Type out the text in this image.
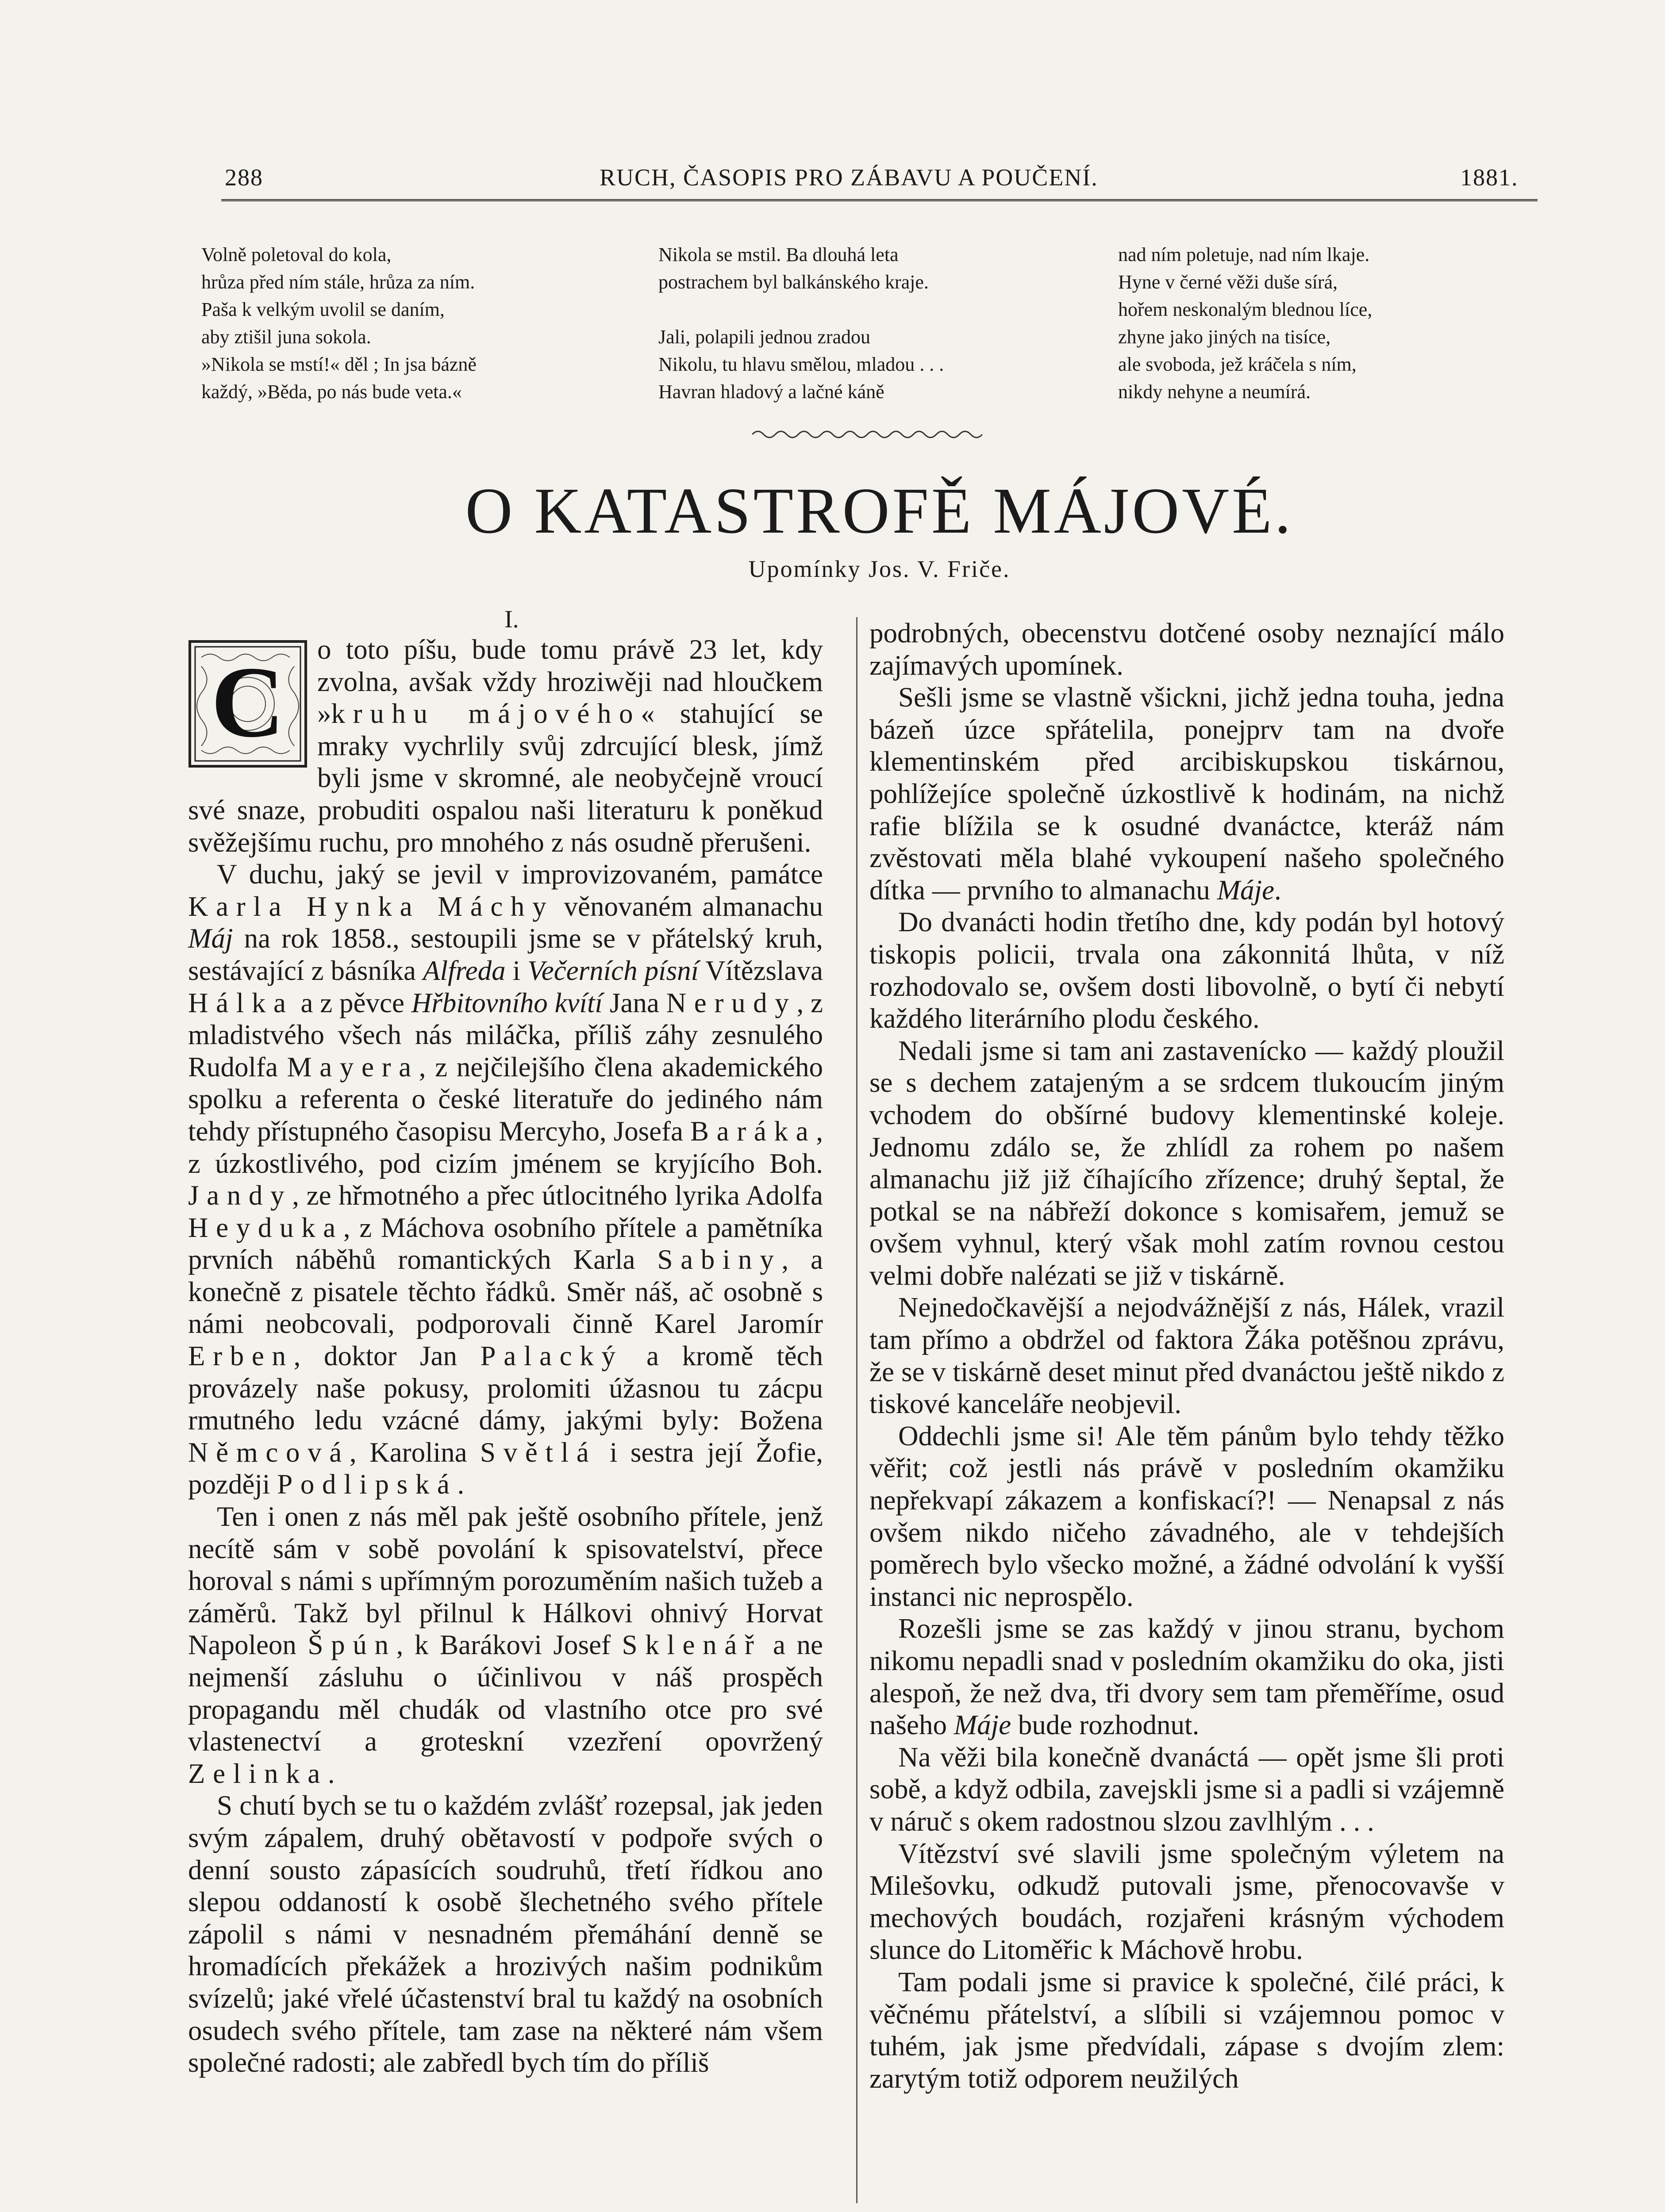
288	RUCH, ČASOPIS PRO ZÁBAVU A POUČENÍ.	1881.
Volně poletoval do kola,
hrůza před ním stále, hrůza za ním.
Paša k velkým uvolil se daním,
aby ztišil juna sokola.
»Nikola se mstí!« děl ; In jsa bázně
každý, »Běda, po nás bude veta.«
Nikola se mstil. Ba dlouhá leta
postrachem byl balkánského kraje.
Jali, polapili jednou zradou
Nikolu, tu hlavu smělou, mladou . . .
Havran hladový a lačné káně
nad ním poletuje, nad ním lkaje.
Hyne v černé věži duše sírá,
hořem neskonalým blednou líce,
zhyne jako jiných na tisíce,
ale svoboda, jež kráčela s ním,
nikdy nehyne a neumírá.
O KATASTROFĚ MÁJOVÉ.
Upomínky Jos. V. Friče.
I.

C o toto píšu, bude tomu právě 23 let, kdy zvolna, avšak vždy hroziwěji nad hloučkem »kruhu májového« stahující se mraky vychrlily svůj zdrcující blesk, jímž byli jsme v skromné, ale neobyčejně vroucí své snaze, probuditi ospalou naši literaturu k poněkud svěžejšímu ruchu, pro mnohého z nás osudně přerušeni.

V duchu, jaký se jevil v improvizovaném, památce Karla Hynka Máchy věnovaném almanachu Máj na rok 1858., sestoupili jsme se v přátelský kruh, sestávající z básníka Alfreda i Večerních písní Vítězslava Hálka a z pěvce Hřbitovního kvítí Jana Nerudy, z mladistvého všech nás miláčka, příliš záhy zesnulého Rudolfa Mayera, z nejčilejšího člena akademického spolku a referenta o české literatuře do jediného nám tehdy přístupného časopisu Mercyho, Josefa Baráka, z úzkostlivého, pod cizím jménem se kryjícího Boh. Jandy, ze hřmotného a přec útlocitného lyrika Adolfa Heyduka, z Máchova osobního přítele a pamětníka prvních náběhů romantických Karla Sabiny, a konečně z pisatele těchto řádků. Směr náš, ač osobně s námi neobcovali, podporovali činně Karel Jaromír Erben, doktor Jan Palacký a kromě těch provázely naše pokusy, prolomiti úžasnou tu zácpu rmutného ledu vzácné dámy, jakými byly: Božena Němcová, Karolina Světlá i sestra její Žofie, později Podlipská.

Ten i onen z nás měl pak ještě osobního přítele, jenž necítě sám v sobě povolání k spisovatelství, přece horoval s námi s upřímným porozuměním našich tužeb a záměrů. Takž byl přilnul k Hálkovi ohnivý Horvat Napoleon Špún, k Barákovi Josef Sklenář a ne nejmenší zásluhu o účinlivou v náš prospěch propagandu měl chudák od vlastního otce pro své vlastenectví a groteskní vzezření opovržený Zelinka.

S chutí bych se tu o každém zvlášť rozepsal, jak jeden svým zápalem, druhý obětavostí v podpoře svých o denní sousto zápasících soudruhů, třetí řídkou ano slepou oddaností k osobě šlechetného svého přítele zápolil s námi v nesnadném přemáhání denně se hromadících překážek a hrozivých našim podnikům svízelů; jaké vřelé účastenství bral tu každý na osobních osudech svého přítele, tam zase na některé nám všem společné radosti; ale zabředl bych tím do příliš

podrobných, obecenstvu dotčené osoby neznající málo zajímavých upomínek.

Sešli jsme se vlastně všickni, jichž jedna touha, jedna bázeň úzce spřátelila, ponejprv tam na dvoře klementinském před arcibiskupskou tiskárnou, pohlížejíce společně úzkostlivě k hodinám, na nichž rafie blížila se k osudné dvanáctce, kteráž nám zvěstovati měla blahé vykoupení našeho společného dítka — prvního to almanachu Máje.

Do dvanácti hodin třetího dne, kdy podán byl hotový tiskopis policii, trvala ona zákonnitá lhůta, v níž rozhodovalo se, ovšem dosti libovolně, o bytí či nebytí každého literárního plodu českého.

Nedali jsme si tam ani zastavenícko — každý ploužil se s dechem zatajeným a se srdcem tlukoucím jiným vchodem do obšírné budovy klementinské koleje. Jednomu zdálo se, že zhlídl za rohem po našem almanachu již již číhajícího zřízence; druhý šeptal, že potkal se na nábřeží dokonce s komisařem, jemuž se ovšem vyhnul, který však mohl zatím rovnou cestou velmi dobře nalézati se již v tiskárně.

Nejnedočkavější a nejodvážnější z nás, Hálek, vrazil tam přímo a obdržel od faktora Žáka potěšnou zprávu, že se v tiskárně deset minut před dvanáctou ještě nikdo z tiskové kanceláře neobjevil.

Oddechli jsme si! Ale těm pánům bylo tehdy těžko věřit; což jestli nás právě v posledním okamžiku nepřekvapí zákazem a konfiskací?! — Nenapsal z nás ovšem nikdo ničeho závadného, ale v tehdejších poměrech bylo všecko možné, a žádné odvolání k vyšší instanci nic neprospělo.

Rozešli jsme se zas každý v jinou stranu, bychom nikomu nepadli snad v posledním okamžiku do oka, jisti alespoň, že než dva, tři dvory sem tam přeměříme, osud našeho Máje bude rozhodnut.

Na věži bila konečně dvanáctá — opět jsme šli proti sobě, a když odbila, zavejskli jsme si a padli si vzájemně v náruč s okem radostnou slzou zavlhlým . . .

Vítězství své slavili jsme společným výletem na Milešovku, odkudž putovali jsme, přenocovavše v mechových boudách, rozjařeni krásným východem slunce do Litoměřic k Máchově hrobu.

Tam podali jsme si pravice k společné, čilé práci, k věčnému přátelství, a slíbili si vzájemnou pomoc v tuhém, jak jsme předvídali, zápase s dvojím zlem: zarytým totiž odporem neužilých
